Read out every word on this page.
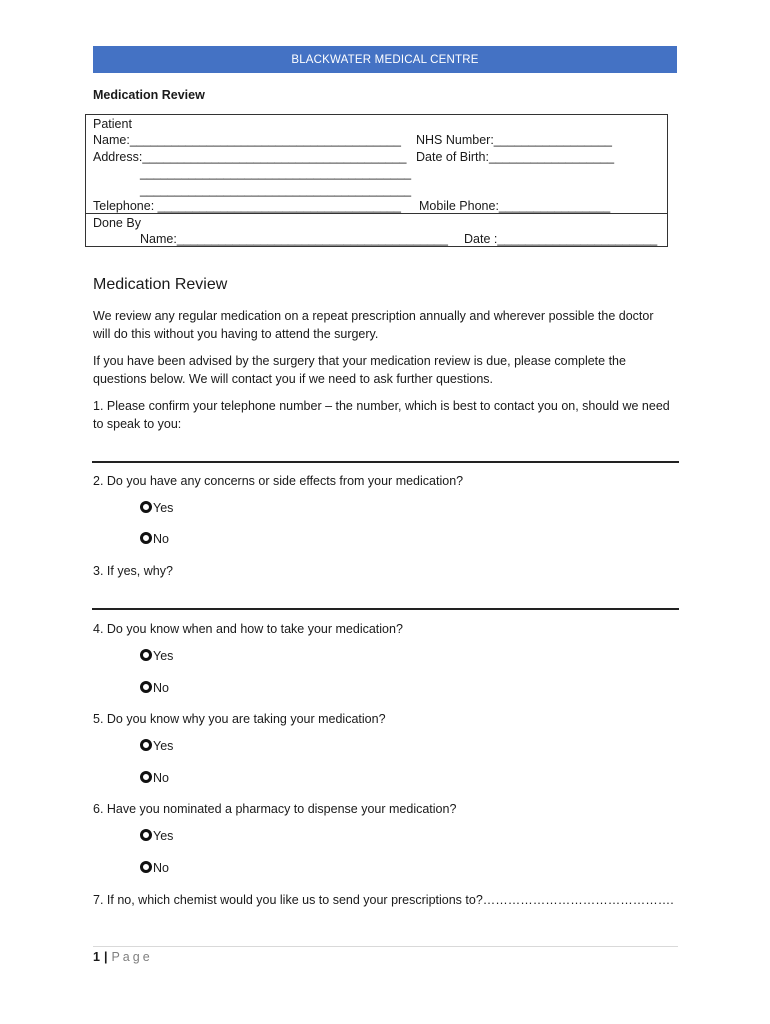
BLACKWATER MEDICAL CENTRE
Medication Review
Patient
Name:_______________________________________ NHS Number:_________________
Address:______________________________________ Date of Birth:__________________
_______________________________________
_______________________________________
Telephone: ___________________________________ Mobile Phone:________________
Done By
Name:_______________________________________ Date :_______________________
Medication Review
We review any regular medication on a repeat prescription annually and wherever possible the doctor will do this without you having to attend the surgery.
If you have been advised by the surgery that your medication review is due, please complete the questions below. We will contact you if we need to ask further questions.
1. Please confirm your telephone number – the number, which is best to contact you on, should we need to speak to you:
2. Do you have any concerns or side effects from your medication?
Yes
No
3. If yes, why?
4. Do you know when and how to take your medication?
Yes
No
5. Do you know why you are taking your medication?
Yes
No
6. Have you nominated a pharmacy to dispense your medication?
Yes
No
7. If no, which chemist would you like us to send your prescriptions to?……………………………………….
1 | Page
